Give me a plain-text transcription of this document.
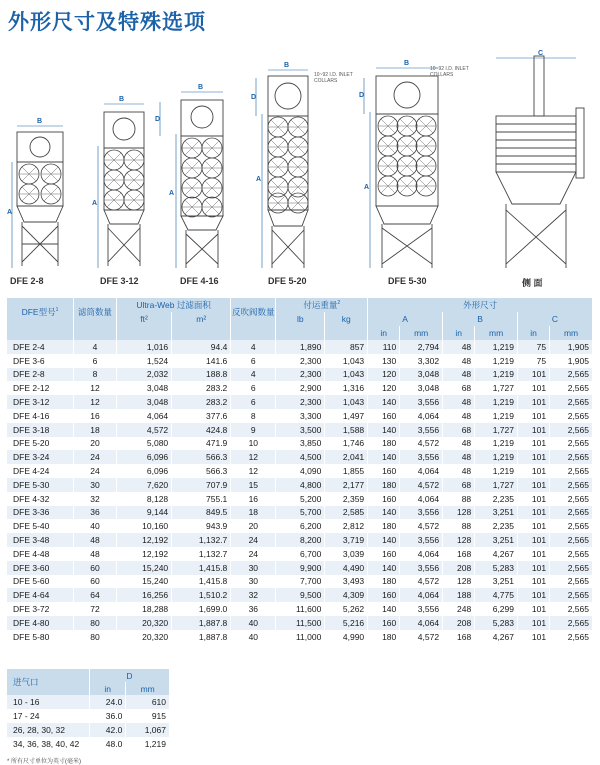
外形尺寸及特殊选项
B
A
B
A
B
A
D
B
A
D
B
A
D
C
10~92 I.D. INLET COLLARS
10~92 I.D. INLET COLLARS
DFE 2-8	DFE 3-12	DFE 4-16	DFE 5-20	DFE 5-30	侧 面
DFE型号$^1$	滤筒数量	Ultra-Web 过滤面积		反吹阀数量	付运重量$^2$		外形尺寸					
		ft²	m²		lb	kg	A		B		C	
							in	mm	in	mm	in	mm
DFE 2-4	4	1,016	94.4	4	1,890	857	110	2,794	48	1,219	75	1,905
DFE 3-6	6	1,524	141.6	6	2,300	1,043	130	3,302	48	1,219	75	1,905
DFE 2-8	8	2,032	188.8	4	2,300	1,043	120	3,048	48	1,219	101	2,565
DFE 2-12	12	3,048	283.2	6	2,900	1,316	120	3,048	68	1,727	101	2,565
DFE 3-12	12	3,048	283.2	6	2,300	1,043	140	3,556	48	1,219	101	2,565
DFE 4-16	16	4,064	377.6	8	3,300	1,497	160	4,064	48	1,219	101	2,565
DFE 3-18	18	4,572	424.8	9	3,500	1,588	140	3,556	68	1,727	101	2,565
DFE 5-20	20	5,080	471.9	10	3,850	1,746	180	4,572	48	1,219	101	2,565
DFE 3-24	24	6,096	566.3	12	4,500	2,041	140	3,556	48	1,219	101	2,565
DFE 4-24	24	6,096	566.3	12	4,090	1,855	160	4,064	48	1,219	101	2,565
DFE 5-30	30	7,620	707.9	15	4,800	2,177	180	4,572	68	1,727	101	2,565
DFE 4-32	32	8,128	755.1	16	5,200	2,359	160	4,064	88	2,235	101	2,565
DFE 3-36	36	9,144	849.5	18	5,700	2,585	140	3,556	128	3,251	101	2,565
DFE 5-40	40	10,160	943.9	20	6,200	2,812	180	4,572	88	2,235	101	2,565
DFE 3-48	48	12,192	1,132.7	24	8,200	3,719	140	3,556	128	3,251	101	2,565
DFE 4-48	48	12,192	1,132.7	24	6,700	3,039	160	4,064	168	4,267	101	2,565
DFE 3-60	60	15,240	1,415.8	30	9,900	4,490	140	3,556	208	5,283	101	2,565
DFE 5-60	60	15,240	1,415.8	30	7,700	3,493	180	4,572	128	3,251	101	2,565
DFE 4-64	64	16,256	1,510.2	32	9,500	4,309	160	4,064	188	4,775	101	2,565
DFE 3-72	72	18,288	1,699.0	36	11,600	5,262	140	3,556	248	6,299	101	2,565
DFE 4-80	80	20,320	1,887.8	40	11,500	5,216	160	4,064	208	5,283	101	2,565
DFE 5-80	80	20,320	1,887.8	40	11,000	4,990	180	4,572	168	4,267	101	2,565
进气口	D	
	in	mm
10 - 16	24.0	610
17 - 24	36.0	915
26, 28, 30, 32	42.0	1,067
34, 36, 38, 40, 42	48.0	1,219
* 所有尺寸单位为英寸(毫米)
